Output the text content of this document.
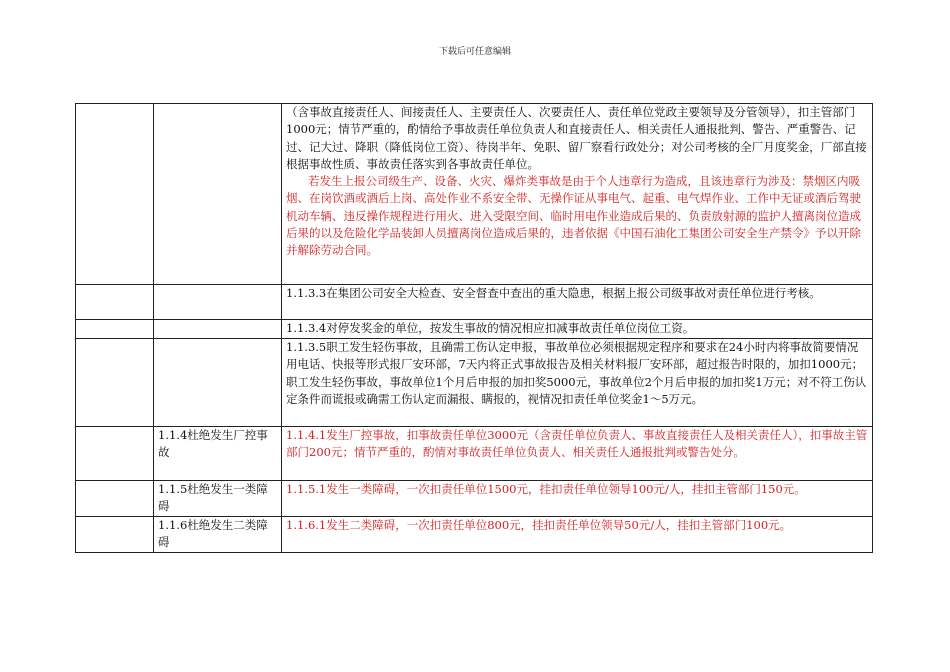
下载后可任意编辑

		（含事故直接责任人、间接责任人、主要责任人、次要责任人、责任单位党政主要领导及分管领导），扣主管部门1000元；情节严重的，酌情给予事故责任单位负责人和直接责任人、相关责任人通报批判、警告、严重警告、记过、记大过、降职（降低岗位工资）、待岗半年、免职、留厂察看行政处分；对公司考核的全厂月度奖金，厂部直接根据事故性质、事故责任落实到各事故责任单位。

若发生上报公司级生产、设备、火灾、爆炸类事故是由于个人违章行为造成，且该违章行为涉及：禁烟区内吸烟、在岗饮酒或酒后上岗、高处作业不系安全带、无操作证从事电气、起重、电气焊作业、工作中无证或酒后驾驶机动车辆、违反操作规程进行用火、进入受限空间、临时用电作业造成后果的、负责放射源的监护人擅离岗位造成后果的以及危险化学品装卸人员擅离岗位造成后果的，违者依据《中国石油化工集团公司安全生产禁令》予以开除并解除劳动合同。

		1.1.3.3在集团公司安全大检查、安全督查中查出的重大隐患，根据上报公司级事故对责任单位进行考核。
		1.1.3.4对停发奖金的单位，按发生事故的情况相应扣减事故责任单位岗位工资。
		1.1.3.5职工发生轻伤事故，且确需工伤认定申报，事故单位必须根据规定程序和要求在24小时内将事故简要情况用电话、快报等形式报厂安环部，7天内将正式事故报告及相关材料报厂安环部，超过报告时限的，加扣1000元；职工发生轻伤事故，事故单位1个月后申报的加扣奖5000元，事故单位2个月后申报的加扣奖1万元；对不符工伤认定条件而谎报或确需工伤认定而漏报、瞒报的，视情况扣责任单位奖金1～5万元。
	1.1.4杜绝发生厂控事故	1.1.4.1发生厂控事故，扣事故责任单位3000元（含责任单位负责人、事故直接责任人及相关责任人），扣事故主管部门200元；情节严重的，酌情对事故责任单位负责人、相关责任人通报批判或警告处分。
	1.1.5杜绝发生一类障碍	1.1.5.1发生一类障碍，一次扣责任单位1500元，挂扣责任单位领导100元/人，挂扣主管部门150元。
	1.1.6杜绝发生二类障碍	1.1.6.1发生二类障碍，一次扣责任单位800元，挂扣责任单位领导50元/人，挂扣主管部门100元。
